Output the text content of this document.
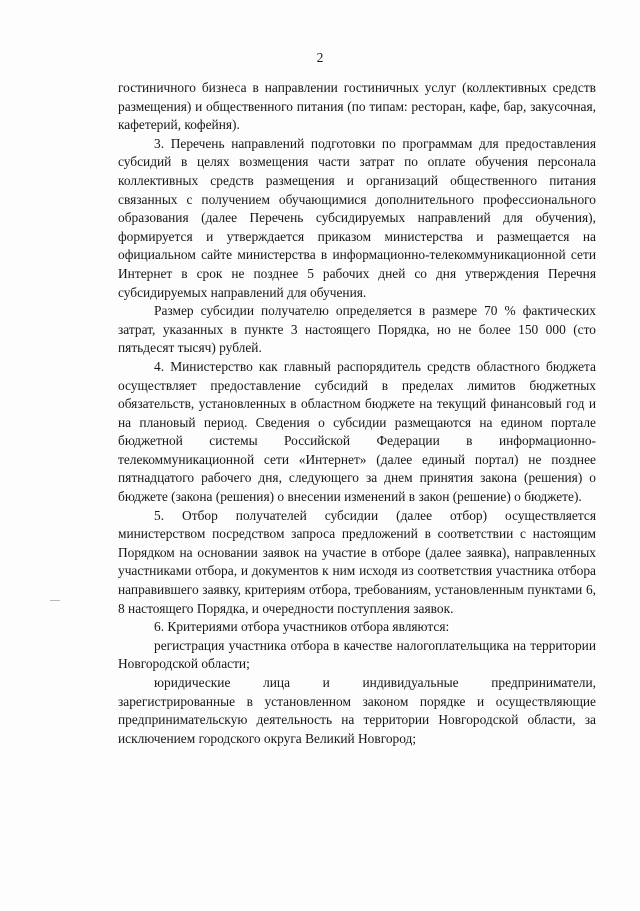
2

гостиничного бизнеса в направлении гостиничных услуг (коллективных средств размещения) и общественного питания (по типам: ресторан, кафе, бар, закусочная, кафетерий, кофейня).

3. Перечень направлений подготовки по программам для предоставления субсидий в целях возмещения части затрат по оплате обучения персонала коллективных средств размещения и организаций общественного питания связанных с получением обучающимися дополнительного профессионального образования (далее Перечень субсидируемых направлений для обучения), формируется и утверждается приказом министерства и размещается на официальном сайте министерства в информационно-телекоммуникационной сети Интернет в срок не позднее 5 рабочих дней со дня утверждения Перечня субсидируемых направлений для обучения.

Размер субсидии получателю определяется в размере 70 % фактических затрат, указанных в пункте 3 настоящего Порядка, но не более 150 000 (сто пятьдесят тысяч) рублей.

4. Министерство как главный распорядитель средств областного бюджета осуществляет предоставление субсидий в пределах лимитов бюджетных обязательств, установленных в областном бюджете на текущий финансовый год и на плановый период. Сведения о субсидии размещаются на едином портале бюджетной системы Российской Федерации в информационно-телекоммуникационной сети «Интернет» (далее единый портал) не позднее пятнадцатого рабочего дня, следующего за днем принятия закона (решения) о бюджете (закона (решения) о внесении изменений в закон (решение) о бюджете).

5. Отбор получателей субсидии (далее отбор) осуществляется министерством посредством запроса предложений в соответствии с настоящим Порядком на основании заявок на участие в отборе (далее заявка), направленных участниками отбора, и документов к ним исходя из соответствия участника отбора направившего заявку, критериям отбора, требованиям, установленным пунктами 6, 8 настоящего Порядка, и очередности поступления заявок.

6. Критериями отбора участников отбора являются:

регистрация участника отбора в качестве налогоплательщика на территории Новгородской области;

юридические лица и индивидуальные предприниматели, зарегистрированные в установленном законом порядке и осуществляющие предпринимательскую деятельность на территории Новгородской области, за исключением городского округа Великий Новгород;
